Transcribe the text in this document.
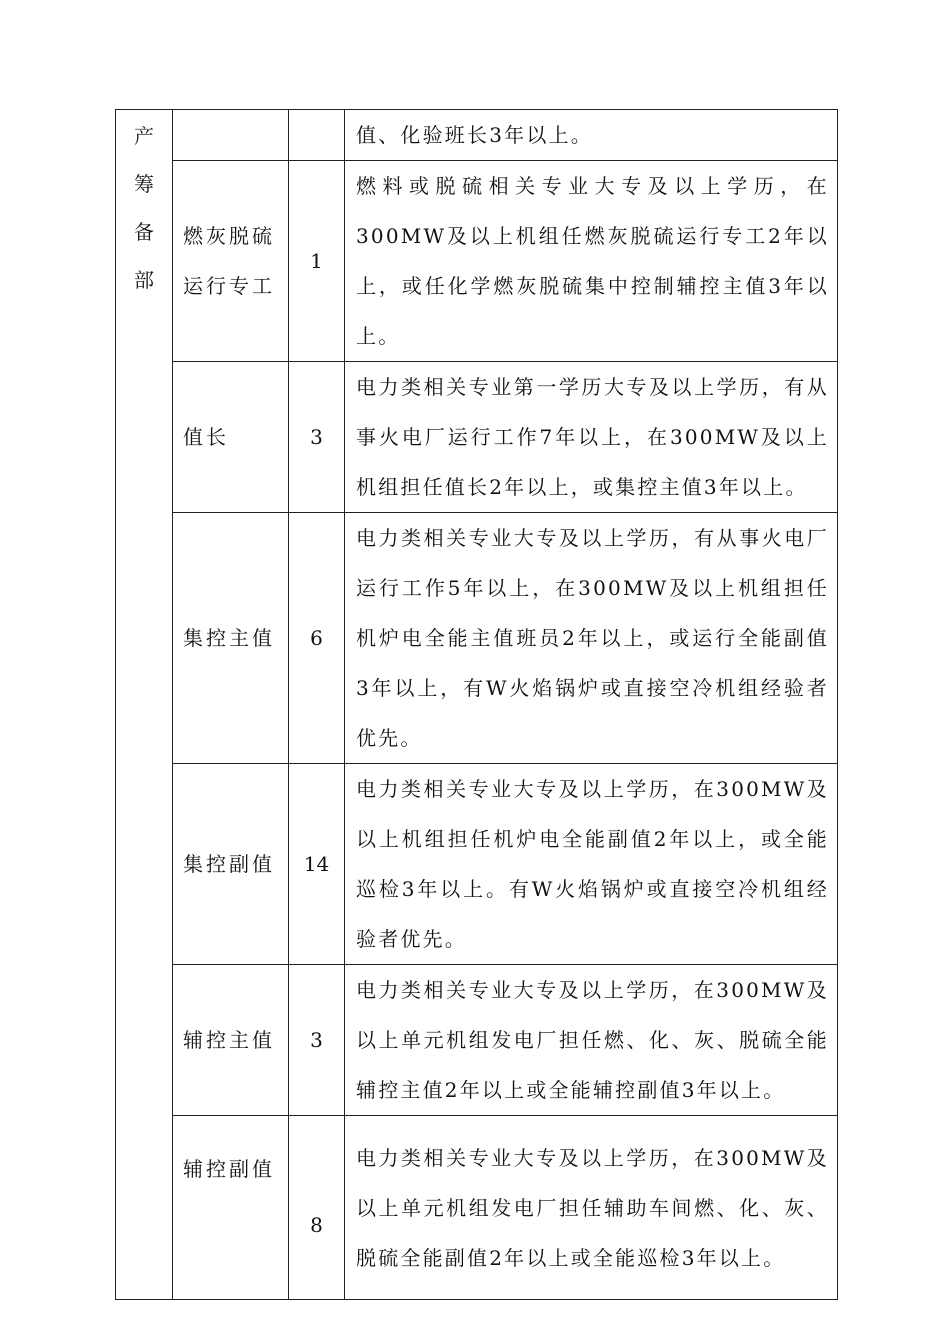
产筹备部			值、化验班长3年以上。
	燃灰脱硫运行专工	1	燃料或脱硫相关专业大专及以上学历，在300MW及以上机组任燃灰脱硫运行专工2年以上，或任化学燃灰脱硫集中控制辅控主值3年以上。
	值长	3	电力类相关专业第一学历大专及以上学历，有从事火电厂运行工作7年以上，在300MW及以上机组担任值长2年以上，或集控主值3年以上。
	集控主值	6	电力类相关专业大专及以上学历，有从事火电厂运行工作5年以上，在300MW及以上机组担任机炉电全能主值班员2年以上，或运行全能副值3年以上，有W火焰锅炉或直接空冷机组经验者优先。
	集控副值	14	电力类相关专业大专及以上学历，在300MW及以上机组担任机炉电全能副值2年以上，或全能巡检3年以上。有W火焰锅炉或直接空冷机组经验者优先。
	辅控主值	3	电力类相关专业大专及以上学历，在300MW及以上单元机组发电厂担任燃、化、灰、脱硫全能辅控主值2年以上或全能辅控副值3年以上。
	辅控副值	8	电力类相关专业大专及以上学历，在300MW及以上单元机组发电厂担任辅助车间燃、化、灰、脱硫全能副值2年以上或全能巡检3年以上。
